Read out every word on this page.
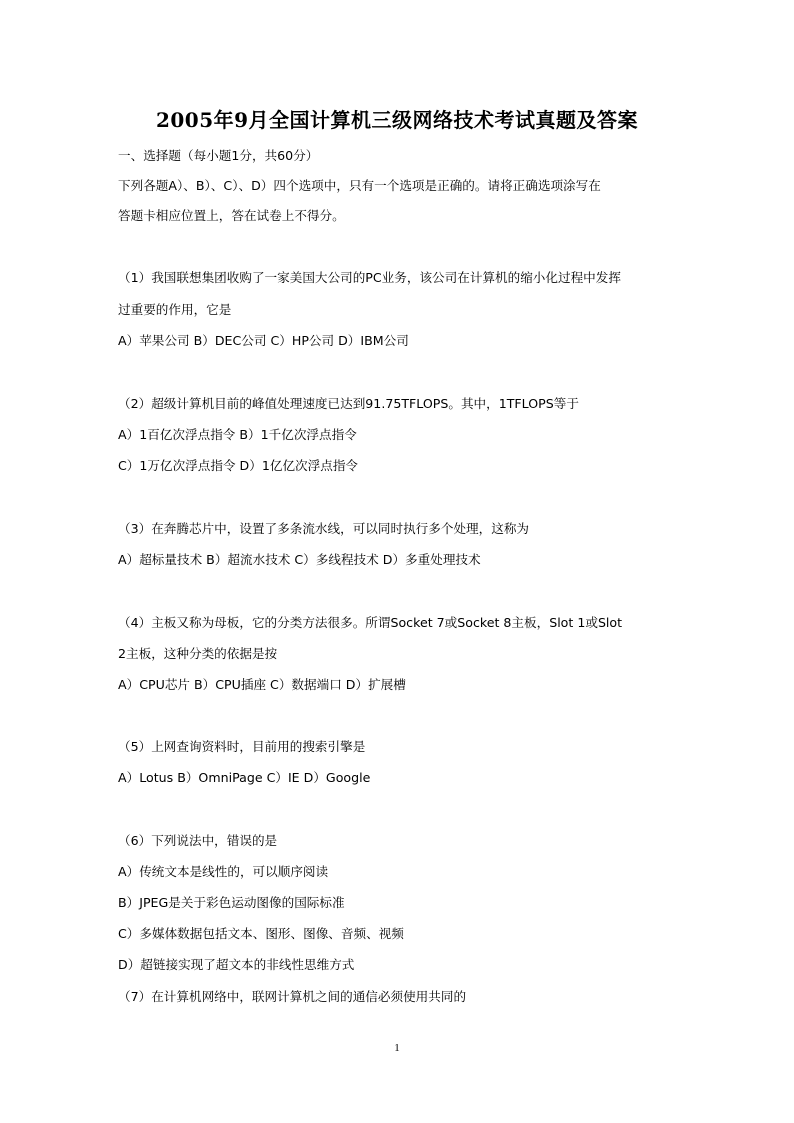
2005年9月全国计算机三级网络技术考试真题及答案
一、选择题（每小题1分，共60分）
下列各题A）、B）、C）、D）四个选项中，只有一个选项是正确的。请将正确选项涂写在
答题卡相应位置上，答在试卷上不得分。
（1）我国联想集团收购了一家美国大公司的PC业务，该公司在计算机的缩小化过程中发挥
过重要的作用，它是
A）苹果公司 B）DEC公司 C）HP公司 D）IBM公司
（2）超级计算机目前的峰值处理速度已达到91.75TFLOPS。其中，1TFLOPS等于
A）1百亿次浮点指令 B）1千亿次浮点指令
C）1万亿次浮点指令 D）1亿亿次浮点指令
（3）在奔腾芯片中，设置了多条流水线，可以同时执行多个处理，这称为
A）超标量技术 B）超流水技术 C）多线程技术 D）多重处理技术
（4）主板又称为母板，它的分类方法很多。所谓Socket 7或Socket 8主板，Slot 1或Slot
2主板，这种分类的依据是按
A）CPU芯片 B）CPU插座 C）数据端口 D）扩展槽
（5）上网查询资料时，目前用的搜索引擎是
A）Lotus B）OmniPage C）IE D）Google
（6）下列说法中，错误的是
A）传统文本是线性的，可以顺序阅读
B）JPEG是关于彩色运动图像的国际标准
C）多媒体数据包括文本、图形、图像、音频、视频
D）超链接实现了超文本的非线性思维方式
（7）在计算机网络中，联网计算机之间的通信必须使用共同的
1
